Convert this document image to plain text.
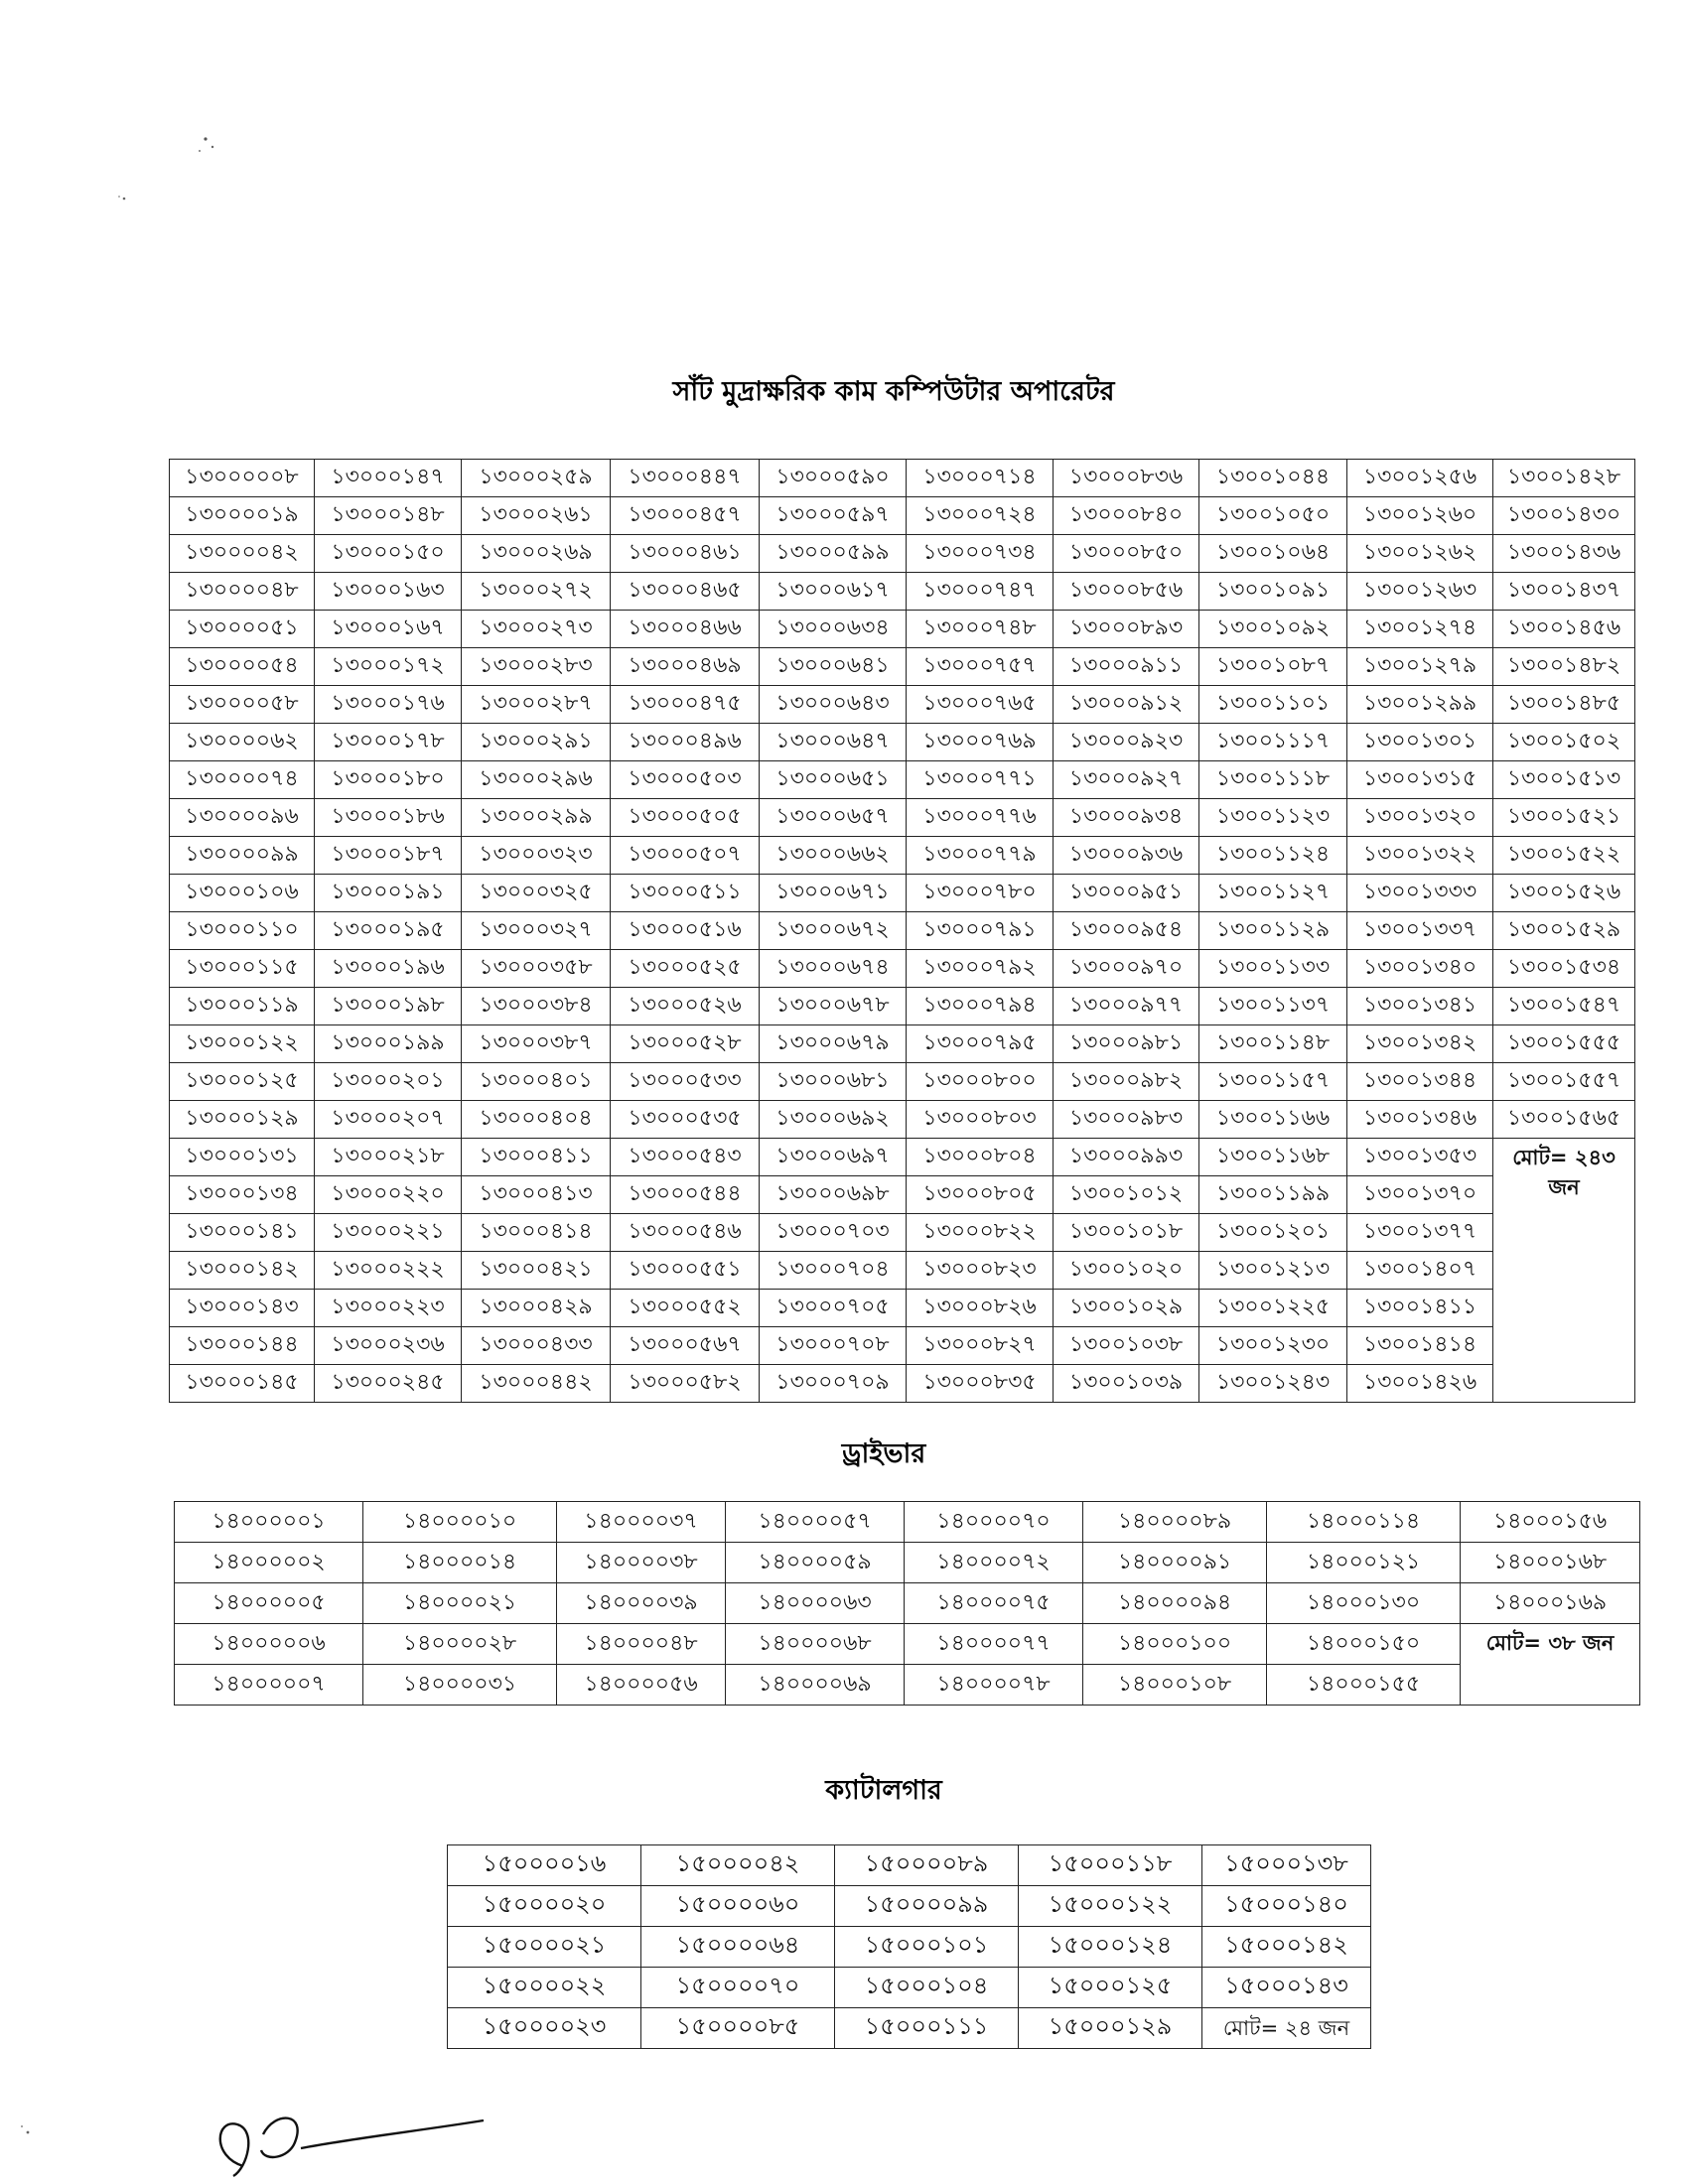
সাঁট মুদ্রাক্ষরিক কাম কম্পিউটার অপারেটর
১৩০০০০০৮	১৩০০০১৪৭	১৩০০০২৫৯	১৩০০০৪৪৭	১৩০০০৫৯০	১৩০০০৭১৪	১৩০০০৮৩৬	১৩০০১০৪৪	১৩০০১২৫৬	১৩০০১৪২৮
১৩০০০০১৯	১৩০০০১৪৮	১৩০০০২৬১	১৩০০০৪৫৭	১৩০০০৫৯৭	১৩০০০৭২৪	১৩০০০৮৪০	১৩০০১০৫০	১৩০০১২৬০	১৩০০১৪৩০
১৩০০০০৪২	১৩০০০১৫০	১৩০০০২৬৯	১৩০০০৪৬১	১৩০০০৫৯৯	১৩০০০৭৩৪	১৩০০০৮৫০	১৩০০১০৬৪	১৩০০১২৬২	১৩০০১৪৩৬
১৩০০০০৪৮	১৩০০০১৬৩	১৩০০০২৭২	১৩০০০৪৬৫	১৩০০০৬১৭	১৩০০০৭৪৭	১৩০০০৮৫৬	১৩০০১০৯১	১৩০০১২৬৩	১৩০০১৪৩৭
১৩০০০০৫১	১৩০০০১৬৭	১৩০০০২৭৩	১৩০০০৪৬৬	১৩০০০৬৩৪	১৩০০০৭৪৮	১৩০০০৮৯৩	১৩০০১০৯২	১৩০০১২৭৪	১৩০০১৪৫৬
১৩০০০০৫৪	১৩০০০১৭২	১৩০০০২৮৩	১৩০০০৪৬৯	১৩০০০৬৪১	১৩০০০৭৫৭	১৩০০০৯১১	১৩০০১০৮৭	১৩০০১২৭৯	১৩০০১৪৮২
১৩০০০০৫৮	১৩০০০১৭৬	১৩০০০২৮৭	১৩০০০৪৭৫	১৩০০০৬৪৩	১৩০০০৭৬৫	১৩০০০৯১২	১৩০০১১০১	১৩০০১২৯৯	১৩০০১৪৮৫
১৩০০০০৬২	১৩০০০১৭৮	১৩০০০২৯১	১৩০০০৪৯৬	১৩০০০৬৪৭	১৩০০০৭৬৯	১৩০০০৯২৩	১৩০০১১১৭	১৩০০১৩০১	১৩০০১৫০২
১৩০০০০৭৪	১৩০০০১৮০	১৩০০০২৯৬	১৩০০০৫০৩	১৩০০০৬৫১	১৩০০০৭৭১	১৩০০০৯২৭	১৩০০১১১৮	১৩০০১৩১৫	১৩০০১৫১৩
১৩০০০০৯৬	১৩০০০১৮৬	১৩০০০২৯৯	১৩০০০৫০৫	১৩০০০৬৫৭	১৩০০০৭৭৬	১৩০০০৯৩৪	১৩০০১১২৩	১৩০০১৩২০	১৩০০১৫২১
১৩০০০০৯৯	১৩০০০১৮৭	১৩০০০৩২৩	১৩০০০৫০৭	১৩০০০৬৬২	১৩০০০৭৭৯	১৩০০০৯৩৬	১৩০০১১২৪	১৩০০১৩২২	১৩০০১৫২২
১৩০০০১০৬	১৩০০০১৯১	১৩০০০৩২৫	১৩০০০৫১১	১৩০০০৬৭১	১৩০০০৭৮০	১৩০০০৯৫১	১৩০০১১২৭	১৩০০১৩৩৩	১৩০০১৫২৬
১৩০০০১১০	১৩০০০১৯৫	১৩০০০৩২৭	১৩০০০৫১৬	১৩০০০৬৭২	১৩০০০৭৯১	১৩০০০৯৫৪	১৩০০১১২৯	১৩০০১৩৩৭	১৩০০১৫২৯
১৩০০০১১৫	১৩০০০১৯৬	১৩০০০৩৫৮	১৩০০০৫২৫	১৩০০০৬৭৪	১৩০০০৭৯২	১৩০০০৯৭০	১৩০০১১৩৩	১৩০০১৩৪০	১৩০০১৫৩৪
১৩০০০১১৯	১৩০০০১৯৮	১৩০০০৩৮৪	১৩০০০৫২৬	১৩০০০৬৭৮	১৩০০০৭৯৪	১৩০০০৯৭৭	১৩০০১১৩৭	১৩০০১৩৪১	১৩০০১৫৪৭
১৩০০০১২২	১৩০০০১৯৯	১৩০০০৩৮৭	১৩০০০৫২৮	১৩০০০৬৭৯	১৩০০০৭৯৫	১৩০০০৯৮১	১৩০০১১৪৮	১৩০০১৩৪২	১৩০০১৫৫৫
১৩০০০১২৫	১৩০০০২০১	১৩০০০৪০১	১৩০০০৫৩৩	১৩০০০৬৮১	১৩০০০৮০০	১৩০০০৯৮২	১৩০০১১৫৭	১৩০০১৩৪৪	১৩০০১৫৫৭
১৩০০০১২৯	১৩০০০২০৭	১৩০০০৪০৪	১৩০০০৫৩৫	১৩০০০৬৯২	১৩০০০৮০৩	১৩০০০৯৮৩	১৩০০১১৬৬	১৩০০১৩৪৬	১৩০০১৫৬৫
১৩০০০১৩১	১৩০০০২১৮	১৩০০০৪১১	১৩০০০৫৪৩	১৩০০০৬৯৭	১৩০০০৮০৪	১৩০০০৯৯৩	১৩০০১১৬৮	১৩০০১৩৫৩	মোট= ২৪৩ জন
১৩০০০১৩৪	১৩০০০২২০	১৩০০০৪১৩	১৩০০০৫৪৪	১৩০০০৬৯৮	১৩০০০৮০৫	১৩০০১০১২	১৩০০১১৯৯	১৩০০১৩৭০	
১৩০০০১৪১	১৩০০০২২১	১৩০০০৪১৪	১৩০০০৫৪৬	১৩০০০৭০৩	১৩০০০৮২২	১৩০০১০১৮	১৩০০১২০১	১৩০০১৩৭৭	
১৩০০০১৪২	১৩০০০২২২	১৩০০০৪২১	১৩০০০৫৫১	১৩০০০৭০৪	১৩০০০৮২৩	১৩০০১০২০	১৩০০১২১৩	১৩০০১৪০৭	
১৩০০০১৪৩	১৩০০০২২৩	১৩০০০৪২৯	১৩০০০৫৫২	১৩০০০৭০৫	১৩০০০৮২৬	১৩০০১০২৯	১৩০০১২২৫	১৩০০১৪১১	
১৩০০০১৪৪	১৩০০০২৩৬	১৩০০০৪৩৩	১৩০০০৫৬৭	১৩০০০৭০৮	১৩০০০৮২৭	১৩০০১০৩৮	১৩০০১২৩০	১৩০০১৪১৪	
১৩০০০১৪৫	১৩০০০২৪৫	১৩০০০৪৪২	১৩০০০৫৮২	১৩০০০৭০৯	১৩০০০৮৩৫	১৩০০১০৩৯	১৩০০১২৪৩	১৩০০১৪২৬	
ড্রাইভার
১৪০০০০০১	১৪০০০০১০	১৪০০০০৩৭	১৪০০০০৫৭	১৪০০০০৭০	১৪০০০০৮৯	১৪০০০১১৪	১৪০০০১৫৬
১৪০০০০০২	১৪০০০০১৪	১৪০০০০৩৮	১৪০০০০৫৯	১৪০০০০৭২	১৪০০০০৯১	১৪০০০১২১	১৪০০০১৬৮
১৪০০০০০৫	১৪০০০০২১	১৪০০০০৩৯	১৪০০০০৬৩	১৪০০০০৭৫	১৪০০০০৯৪	১৪০০০১৩০	১৪০০০১৬৯
১৪০০০০০৬	১৪০০০০২৮	১৪০০০০৪৮	১৪০০০০৬৮	১৪০০০০৭৭	১৪০০০১০০	১৪০০০১৫০	মোট= ৩৮ জন
১৪০০০০০৭	১৪০০০০৩১	১৪০০০০৫৬	১৪০০০০৬৯	১৪০০০০৭৮	১৪০০০১০৮	১৪০০০১৫৫	
ক্যাটালগার
১৫০০০০১৬	১৫০০০০৪২	১৫০০০০৮৯	১৫০০০১১৮	১৫০০০১৩৮
১৫০০০০২০	১৫০০০০৬০	১৫০০০০৯৯	১৫০০০১২২	১৫০০০১৪০
১৫০০০০২১	১৫০০০০৬৪	১৫০০০১০১	১৫০০০১২৪	১৫০০০১৪২
১৫০০০০২২	১৫০০০০৭০	১৫০০০১০৪	১৫০০০১২৫	১৫০০০১৪৩
১৫০০০০২৩	১৫০০০০৮৫	১৫০০০১১১	১৫০০০১২৯	মোট= ২৪ জন
